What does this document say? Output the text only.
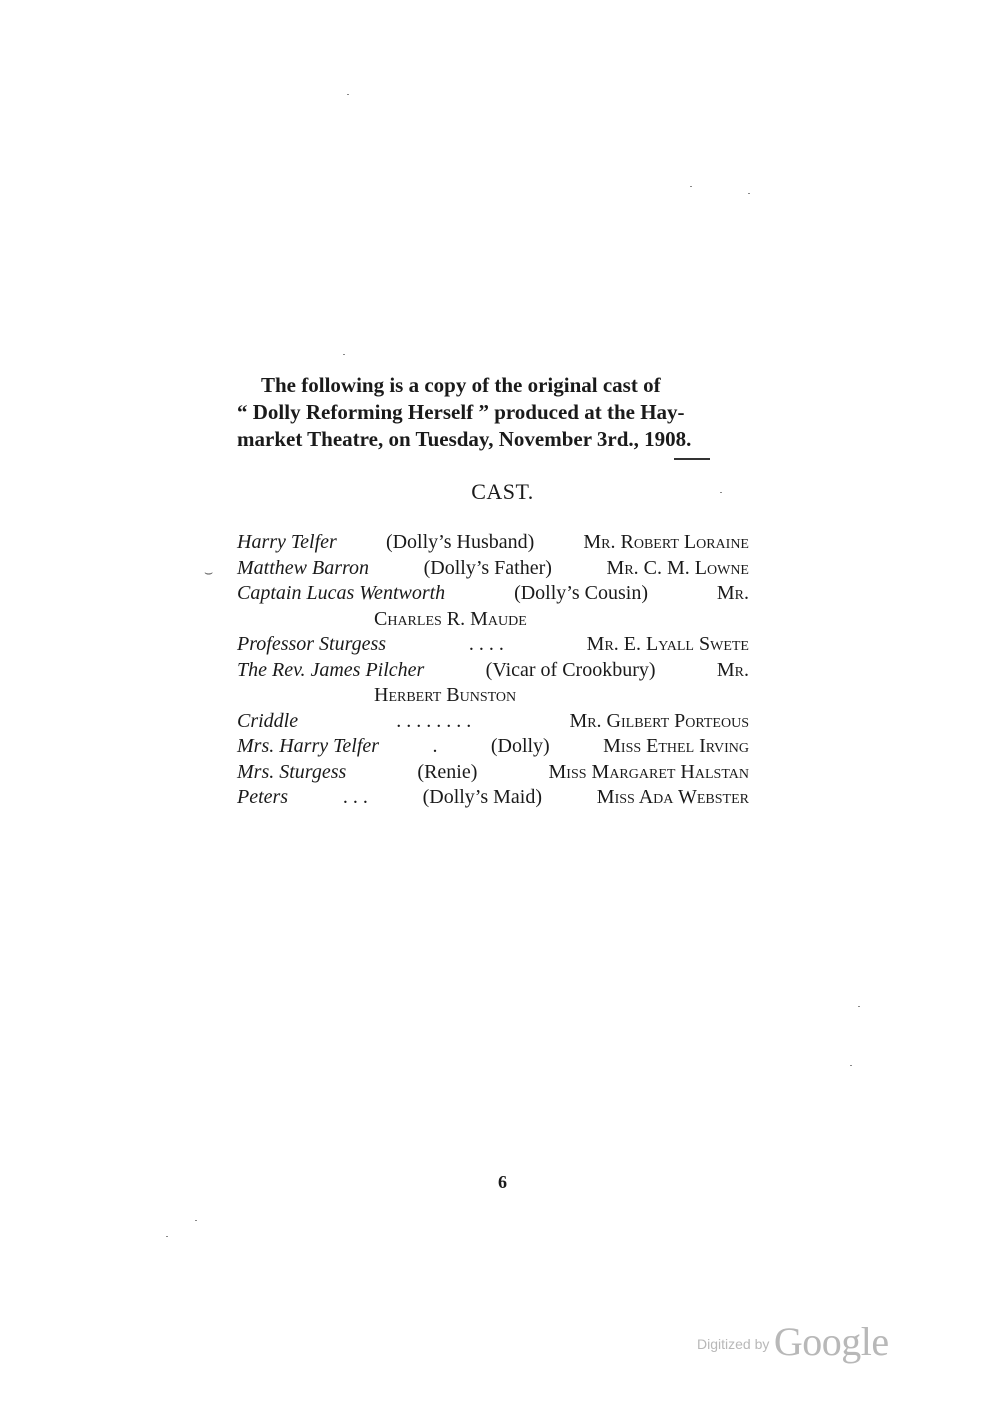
The following is a copy of the original cast of
“ Dolly Reforming Herself ” produced at the Hay-
market Theatre, on Tuesday, November 3rd., 1908.
CAST.
⌣
Harry Telfer (Dolly’s Husband) Mr. Robert Loraine
Matthew Barron	(Dolly’s Father)	Mr. C. M. Lowne
Captain Lucas Wentworth	(Dolly’s Cousin)	Mr.
Charles R. Maude
Professor Sturgess	. . . .	Mr. E. Lyall Swete
The Rev. James Pilcher	(Vicar of Crookbury)	Mr.
Herbert Bunston
Criddle	. . . . . . . .	Mr. Gilbert Porteous
Mrs. Harry Telfer	.	(Dolly)	Miss Ethel Irving
Mrs. Sturgess	(Renie)	Miss Margaret Halstan
Peters	. . .	(Dolly’s Maid)	Miss Ada Webster
6
Digitized by Google
